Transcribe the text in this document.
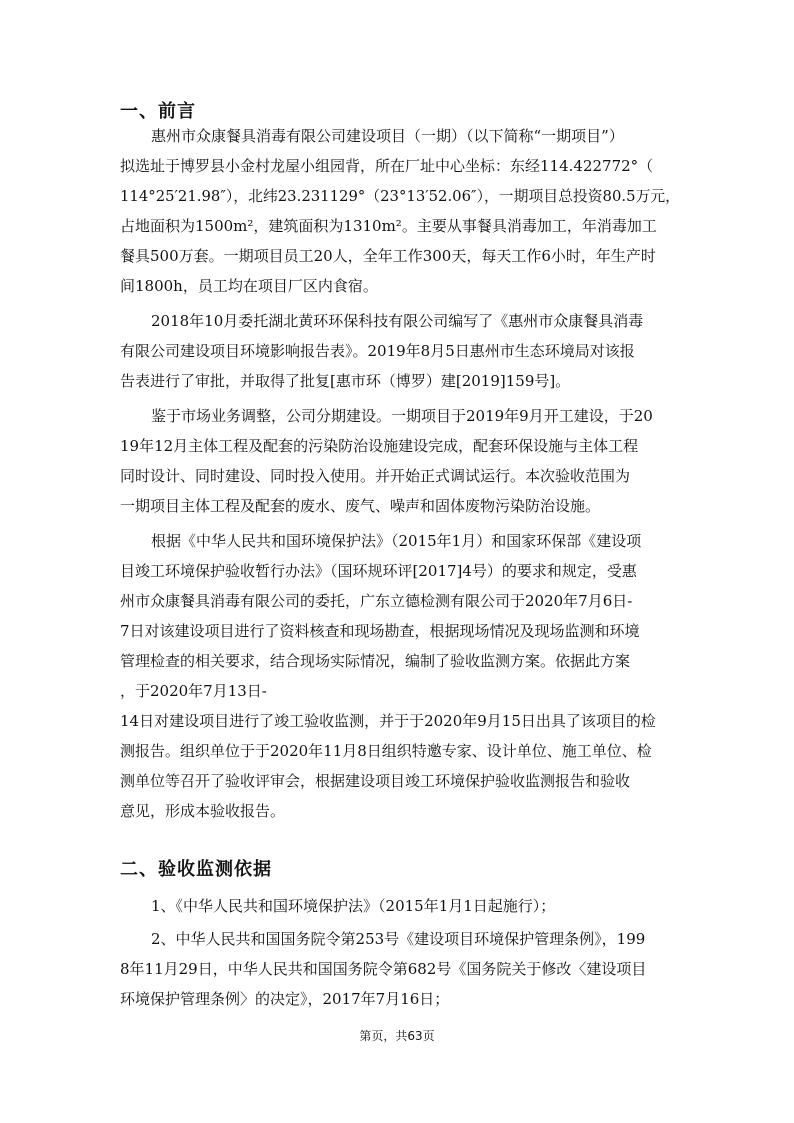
一、前言
惠州市众康餐具消毒有限公司建设项目（一期）（以下简称“一期项目”）
拟选址于博罗县小金村龙屋小组园背，所在厂址中心坐标：东经114.422772°（
114°25′21.98″），北纬23.231129°（23°13′52.06″），一期项目总投资80.5万元，
占地面积为1500m²，建筑面积为1310m²。主要从事餐具消毒加工，年消毒加工
餐具500万套。一期项目员工20人，全年工作300天，每天工作6小时，年生产时
间1800h，员工均在项目厂区内食宿。
2018年10月委托湖北黄环环保科技有限公司编写了《惠州市众康餐具消毒
有限公司建设项目环境影响报告表》。2019年8月5日惠州市生态环境局对该报
告表进行了审批，并取得了批复[惠市环（博罗）建[2019]159号]。
鉴于市场业务调整，公司分期建设。一期项目于2019年9月开工建设，于20
19年12月主体工程及配套的污染防治设施建设完成，配套环保设施与主体工程
同时设计、同时建设、同时投入使用。并开始正式调试运行。本次验收范围为
一期项目主体工程及配套的废水、废气、噪声和固体废物污染防治设施。
根据《中华人民共和国环境保护法》（2015年1月）和国家环保部《建设项
目竣工环境保护验收暂行办法》（国环规环评[2017]4号）的要求和规定，受惠
州市众康餐具消毒有限公司的委托，广东立德检测有限公司于2020年7月6日-
7日对该建设项目进行了资料核查和现场勘查，根据现场情况及现场监测和环境
管理检查的相关要求，结合现场实际情况，编制了验收监测方案。依据此方案
，于2020年7月13日-
14日对建设项目进行了竣工验收监测，并于于2020年9月15日出具了该项目的检
测报告。组织单位于于2020年11月8日组织特邀专家、设计单位、施工单位、检
测单位等召开了验收评审会，根据建设项目竣工环境保护验收监测报告和验收
意见，形成本验收报告。
二、验收监测依据
1、《中华人民共和国环境保护法》（2015年1月1日起施行）；
2、中华人民共和国国务院令第253号《建设项目环境保护管理条例》，199
8年11月29日，中华人民共和国国务院令第682号《国务院关于修改〈建设项目
环境保护管理条例〉的决定》，2017年7月16日；
第页，共63页
